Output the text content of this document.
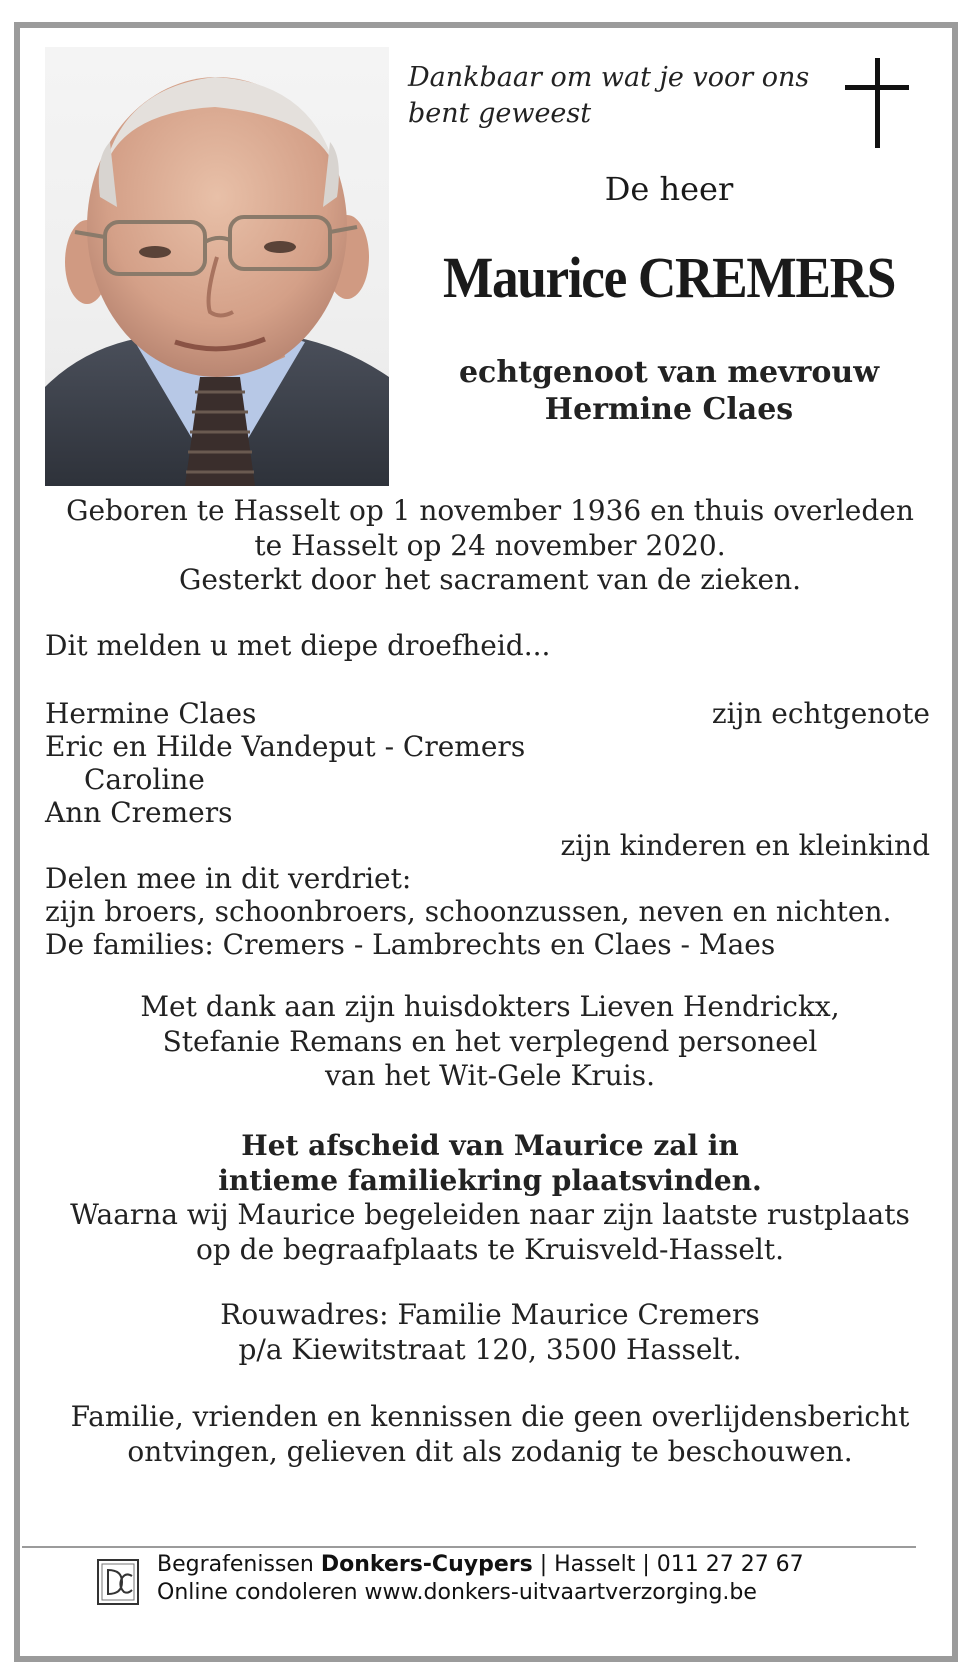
Dankbaar om wat je voor ons
bent geweest
De heer
Maurice CREMERS
echtgenoot van mevrouw
Hermine Claes
Geboren te Hasselt op 1 november 1936 en thuis overleden
te Hasselt op 24 november 2020.
Gesterkt door het sacrament van de zieken.
Dit melden u met diepe droefheid...
Hermine Claes	zijn echtgenote
Eric en Hilde Vandeput - Cremers
Caroline
Ann Cremers
zijn kinderen en kleinkind
Delen mee in dit verdriet:
zijn broers, schoonbroers, schoonzussen, neven en nichten.
De families: Cremers - Lambrechts en Claes - Maes
Met dank aan zijn huisdokters Lieven Hendrickx,
Stefanie Remans en het verplegend personeel
van het Wit-Gele Kruis.
Het afscheid van Maurice zal in
intieme familiekring plaatsvinden.
Waarna wij Maurice begeleiden naar zijn laatste rustplaats
op de begraafplaats te Kruisveld-Hasselt.
Rouwadres: Familie Maurice Cremers
p/a Kiewitstraat 120, 3500 Hasselt.
Familie, vrienden en kennissen die geen overlijdensbericht
ontvingen, gelieven dit als zodanig te beschouwen.
Begrafenissen Donkers-Cuypers | Hasselt | 011 27 27 67
Online condoleren www.donkers-uitvaartverzorging.be
